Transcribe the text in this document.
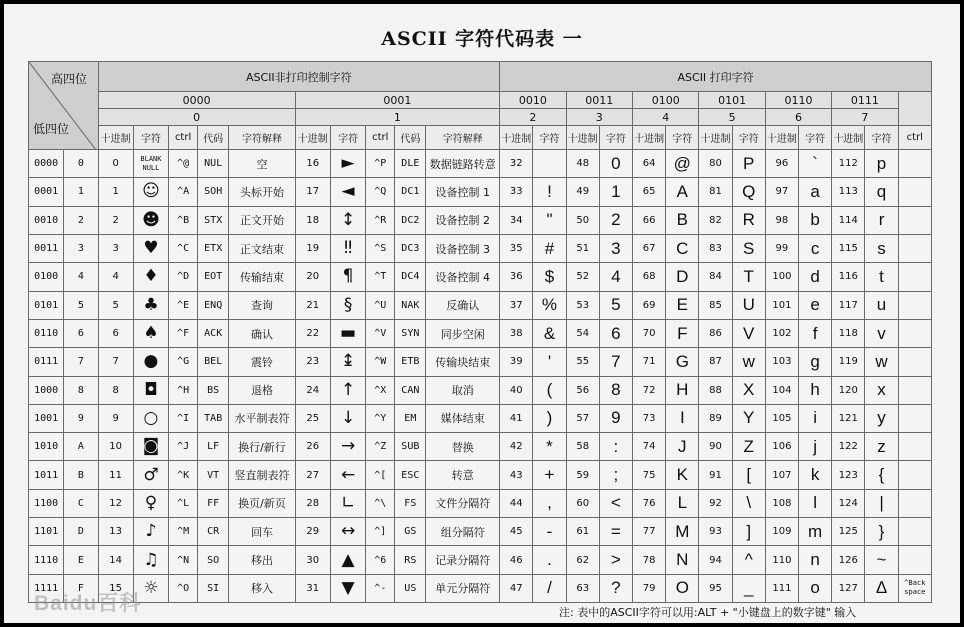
ASCII 字符代码表 一
高四位
低四位		ASCII非打印控制字符										ASCII 打印字符												
		0000					0001					0010		0011		0100		0101		0110		0111		
		0					1					2		3		4		5		6		7		
		十进制	字符	ctrl	代码	字符解释	十进制	字符	ctrl	代码	字符解释	十进制	字符	十进制	字符	十进制	字符	十进制	字符	十进制	字符	十进制	字符	ctrl
0000	0	0	BLANK NULL	^@	NUL	空	16	►	^P	DLE	数据链路转意	32		48	0	64	@	80	P	96	`	112	p	
0001	1	1	☺	^A	SOH	头标开始	17	◄	^Q	DC1	设备控制 1	33	!	49	1	65	A	81	Q	97	a	113	q	
0010	2	2	☻	^B	STX	正文开始	18	↕	^R	DC2	设备控制 2	34	"	50	2	66	B	82	R	98	b	114	r	
0011	3	3	♥	^C	ETX	正文结束	19	‼	^S	DC3	设备控制 3	35	#	51	3	67	C	83	S	99	c	115	s	
0100	4	4	♦	^D	EOT	传输结束	20	¶	^T	DC4	设备控制 4	36	$	52	4	68	D	84	T	100	d	116	t	
0101	5	5	♣	^E	ENQ	查询	21	§	^U	NAK	反确认	37	%	53	5	69	E	85	U	101	e	117	u	
0110	6	6	♠	^F	ACK	确认	22	▬	^V	SYN	同步空闲	38	&	54	6	70	F	86	V	102	f	118	v	
0111	7	7	●	^G	BEL	震铃	23	↨	^W	ETB	传输块结束	39	'	55	7	71	G	87	w	103	g	119	w	
1000	8	8	◘	^H	BS	退格	24	↑	^X	CAN	取消	40	(	56	8	72	H	88	X	104	h	120	x	
1001	9	9	○	^I	TAB	水平制表符	25	↓	^Y	EM	媒体结束	41	)	57	9	73	I	89	Y	105	i	121	y	
1010	A	10	◙	^J	LF	换行/新行	26	→	^Z	SUB	替换	42	*	58	:	74	J	90	Z	106	j	122	z	
1011	B	11	♂	^K	VT	竖直制表符	27	←	^[	ESC	转意	43	+	59	;	75	K	91	[	107	k	123	{	
1100	C	12	♀	^L	FF	换页/新页	28	∟	^\	FS	文件分隔符	44	,	60	<	76	L	92	\	108	l	124	|	
1101	D	13	♪	^M	CR	回车	29	↔	^]	GS	组分隔符	45	-	61	=	77	M	93	]	109	m	125	}	
1110	E	14	♫	^N	SO	移出	30	▲	^6	RS	记录分隔符	46	.	62	>	78	N	94	^	110	n	126	~	
1111	F	15	☼	^O	SI	移入	31	▼	^-	US	单元分隔符	47	/	63	?	79	O	95	_	111	o	127	∆	^Back space
注: 表中的ASCII字符可以用:ALT + "小键盘上的数字键" 输入
Baidu百科
